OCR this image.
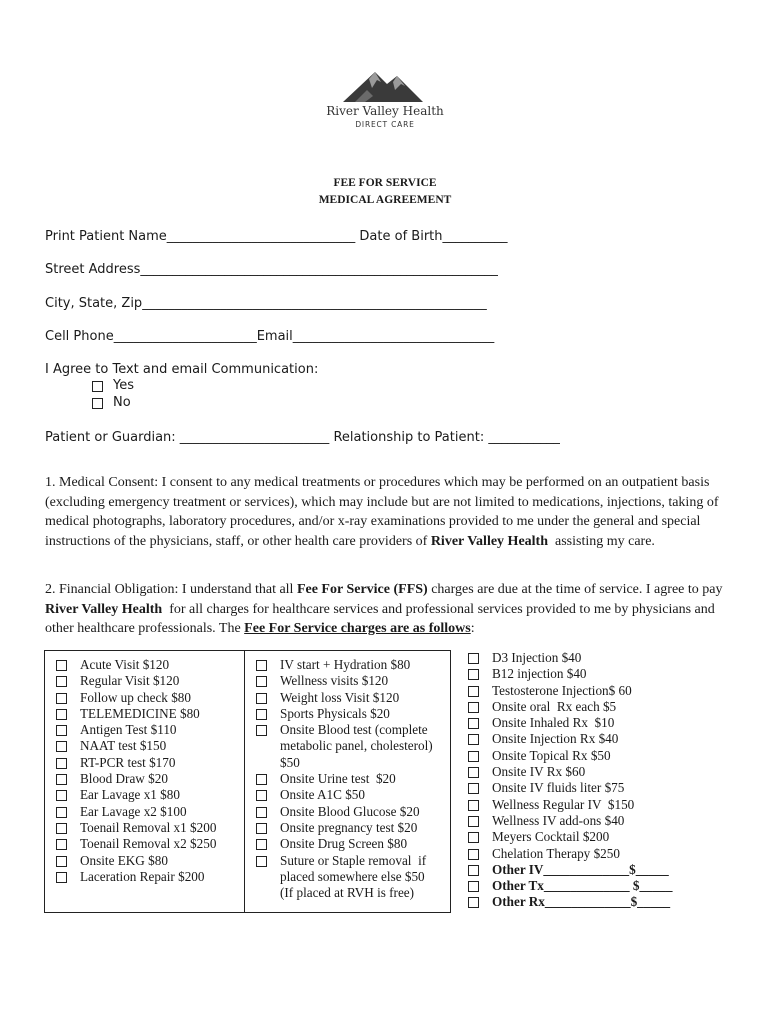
River Valley Health
DIRECT CARE
FEE FOR SERVICE
MEDICAL AGREEMENT
Print Patient Name_____________________________ Date of Birth__________
Street Address_______________________________________________________
City, State, Zip_____________________________________________________
Cell Phone______________________Email_______________________________
I Agree to Text and email Communication:
Yes
No
Patient or Guardian: _______________________ Relationship to Patient: ___________
1. Medical Consent: I consent to any medical treatments or procedures which may be performed on an outpatient basis (excluding emergency treatment or services), which may include but are not limited to medications, injections, taking of medical photographs, laboratory procedures, and/or x-ray examinations provided to me under the general and special instructions of the physicians, staff, or other health care providers of River Valley Health  assisting my care.
2. Financial Obligation: I understand that all Fee For Service (FFS) charges are due at the time of service. I agree to pay River Valley Health  for all charges for healthcare services and professional services provided to me by physicians and other healthcare professionals. The Fee For Service charges are as follows:
Acute Visit $120
Regular Visit $120
Follow up check $80
TELEMEDICINE $80
Antigen Test $110
NAAT test $150
RT-PCR test $170
Blood Draw $20
Ear Lavage x1 $80
Ear Lavage x2 $100
Toenail Removal x1 $200
Toenail Removal x2 $250
Onsite EKG $80
Laceration Repair $200
IV start + Hydration $80
Wellness visits $120
Weight loss Visit $120
Sports Physicals $20
Onsite Blood test (complete
metabolic panel, cholesterol)
$50
Onsite Urine test  $20
Onsite A1C $50
Onsite Blood Glucose $20
Onsite pregnancy test $20
Onsite Drug Screen $80
Suture or Staple removal  if
placed somewhere else $50
(If placed at RVH is free)
D3 Injection $40
B12 injection $40
Testosterone Injection$ 60
Onsite oral  Rx each $5
Onsite Inhaled Rx  $10
Onsite Injection Rx $40
Onsite Topical Rx $50
Onsite IV Rx $60
Onsite IV fluids liter $75
Wellness Regular IV  $150
Wellness IV add-ons $40
Meyers Cocktail $200
Chelation Therapy $250
Other IV_____________$_____
Other Tx_____________ $_____
Other Rx_____________$_____
